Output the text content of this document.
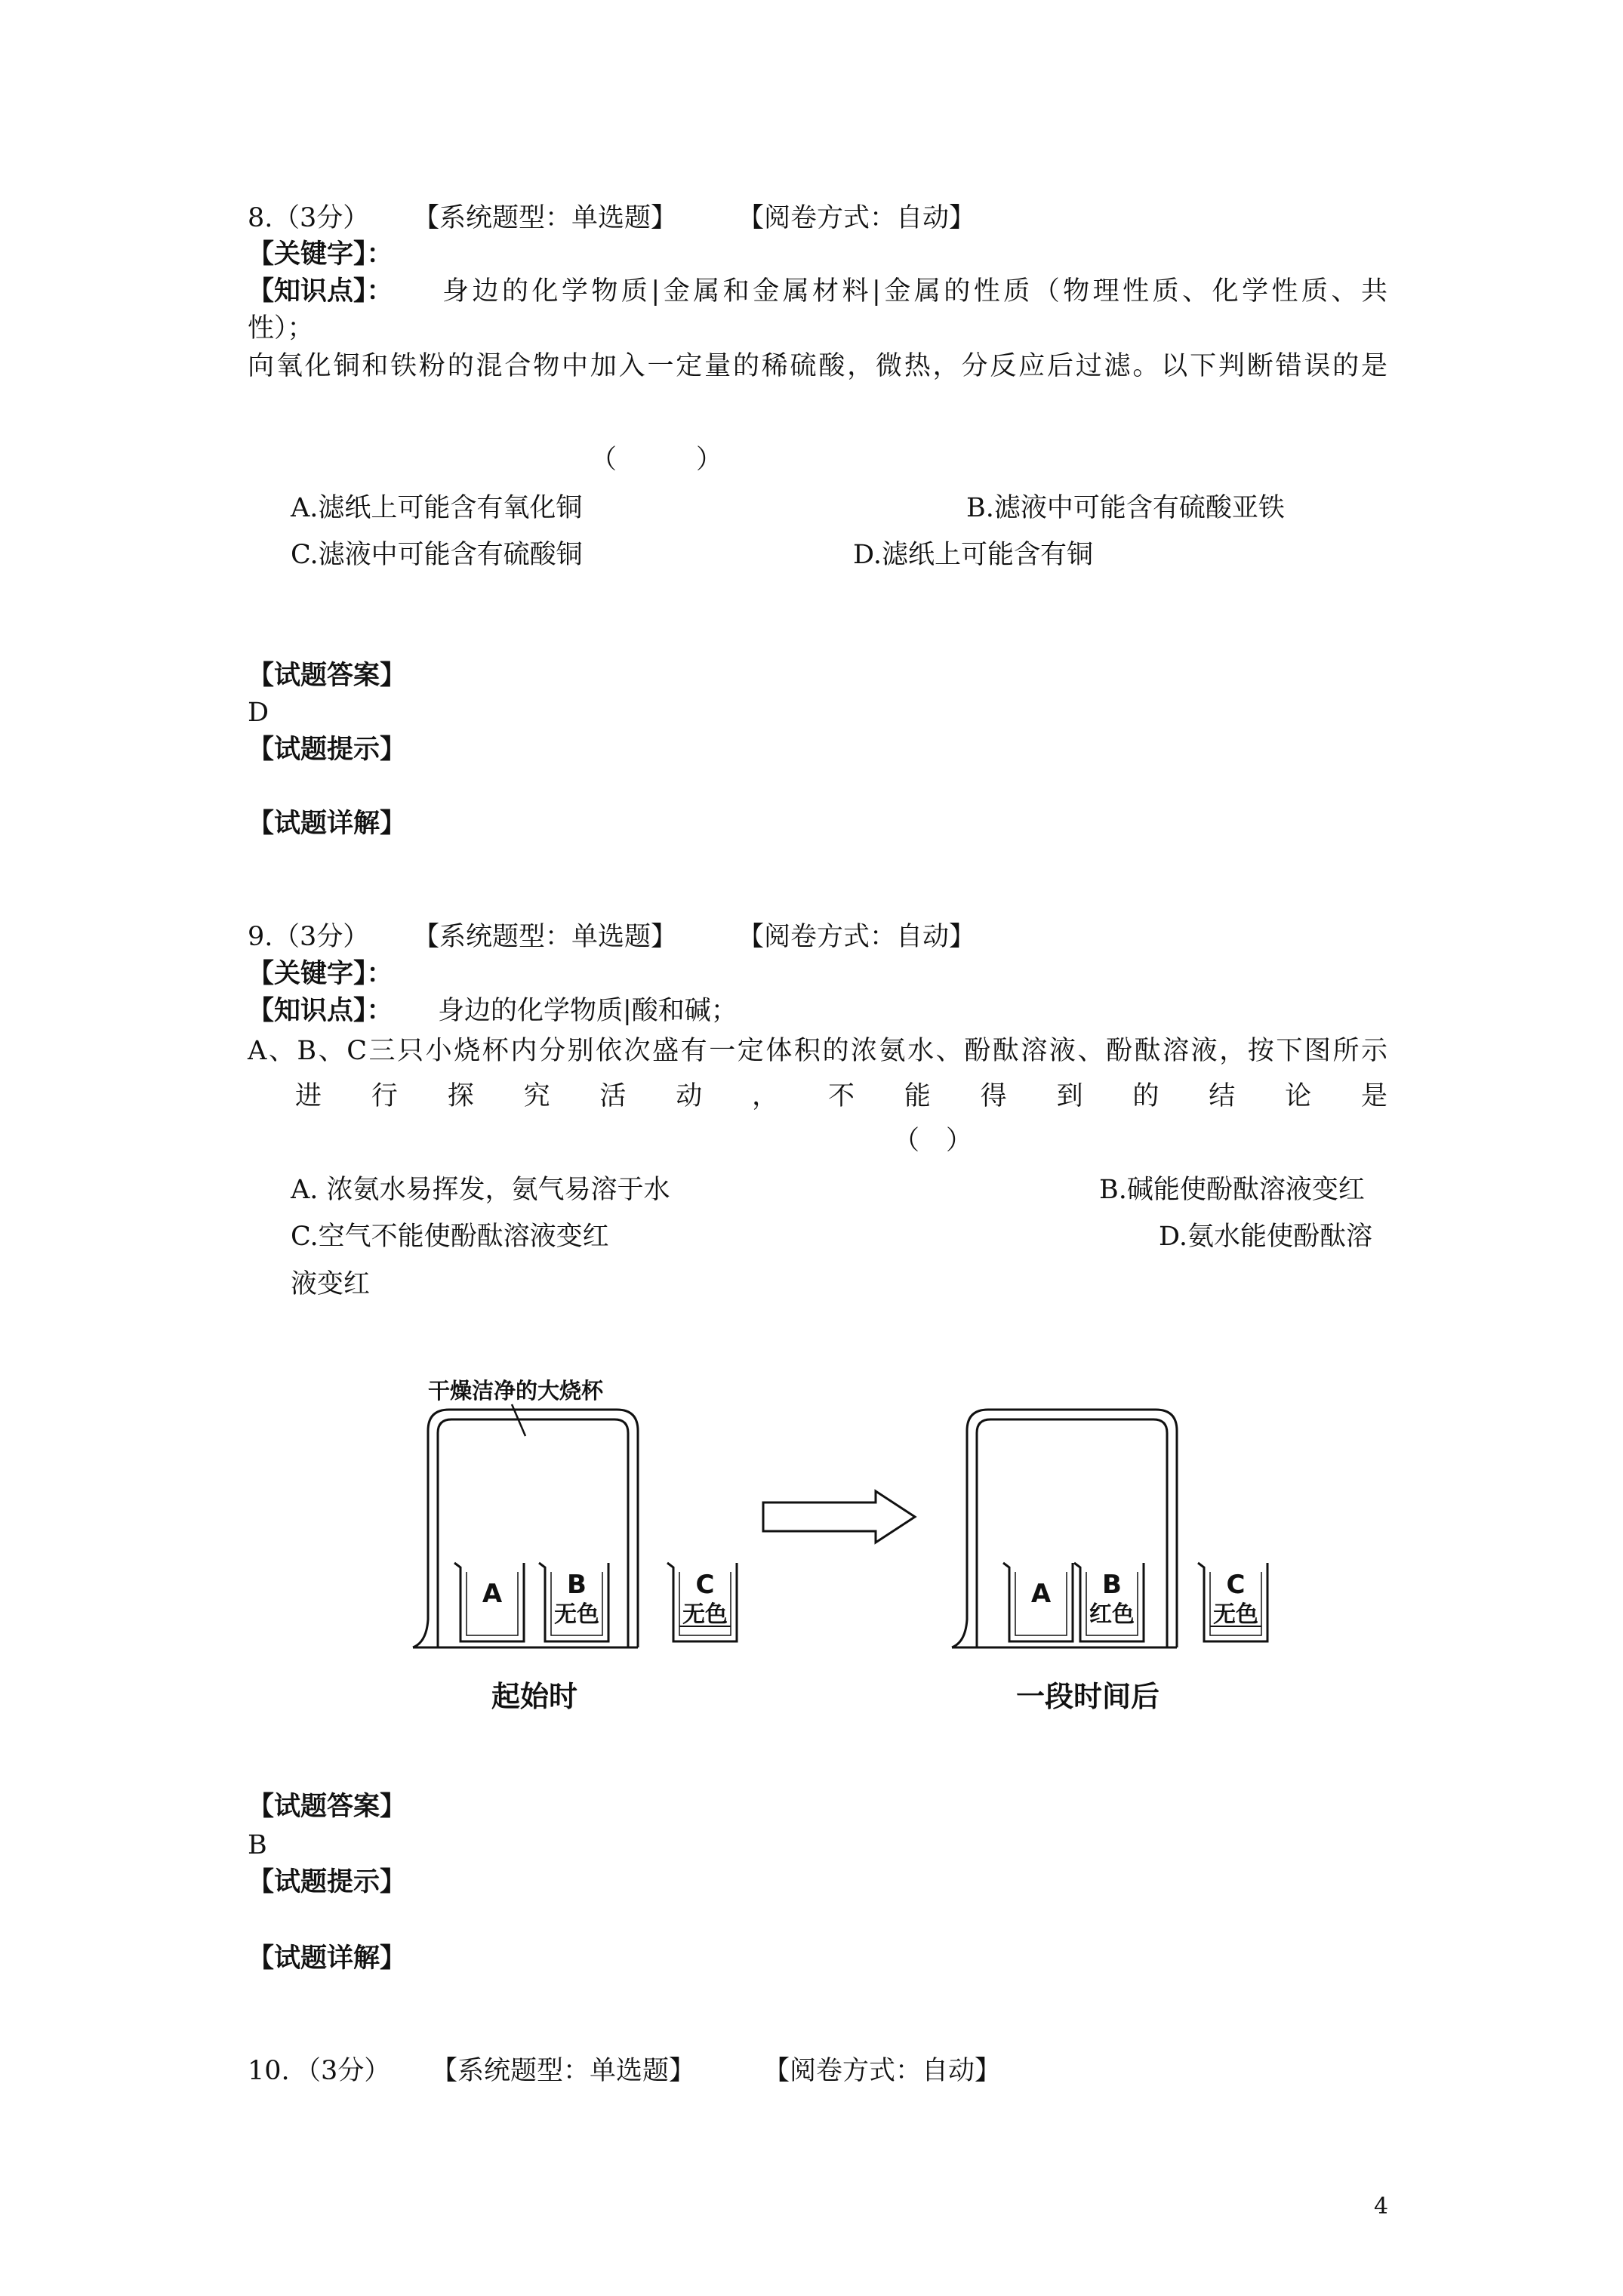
8. （3分） 【系统题型：单选题】 【阅卷方式：自动】
【关键字】：
【知识点】： 身边的化学物质|金属和金属材料|金属的性质（物理性质、化学性质、共
性）；
向氧化铜和铁粉的混合物中加入一定量的稀硫酸，微热，分反应后过滤。以下判断错误的是
（　　　）
A.滤纸上可能含有氧化铜	B.滤液中可能含有硫酸亚铁
C.滤液中可能含有硫酸铜	D.滤纸上可能含有铜
【试题答案】
D
【试题提示】
【试题详解】
9. （3分） 【系统题型：单选题】 【阅卷方式：自动】
【关键字】：
【知识点】： 身边的化学物质|酸和碱；
A、B、C三只小烧杯内分别依次盛有一定体积的浓氨水、酚酞溶液、酚酞溶液，按下图所示
进 行 探 究 活 动 ， 不 能 得 到 的 结 论 是
（　）
A. 浓氨水易挥发，氨气易溶于水	B.碱能使酚酞溶液变红
C.空气不能使酚酞溶液变红	D.氨水能使酚酞溶
液变红
干燥洁净的大烧杯
A	B
无色
C
无色
起始时
A B
红色
C
无色
一段时间后
【试题答案】
B
【试题提示】
【试题详解】
10. （3分） 【系统题型：单选题】	【阅卷方式：自动】
4
